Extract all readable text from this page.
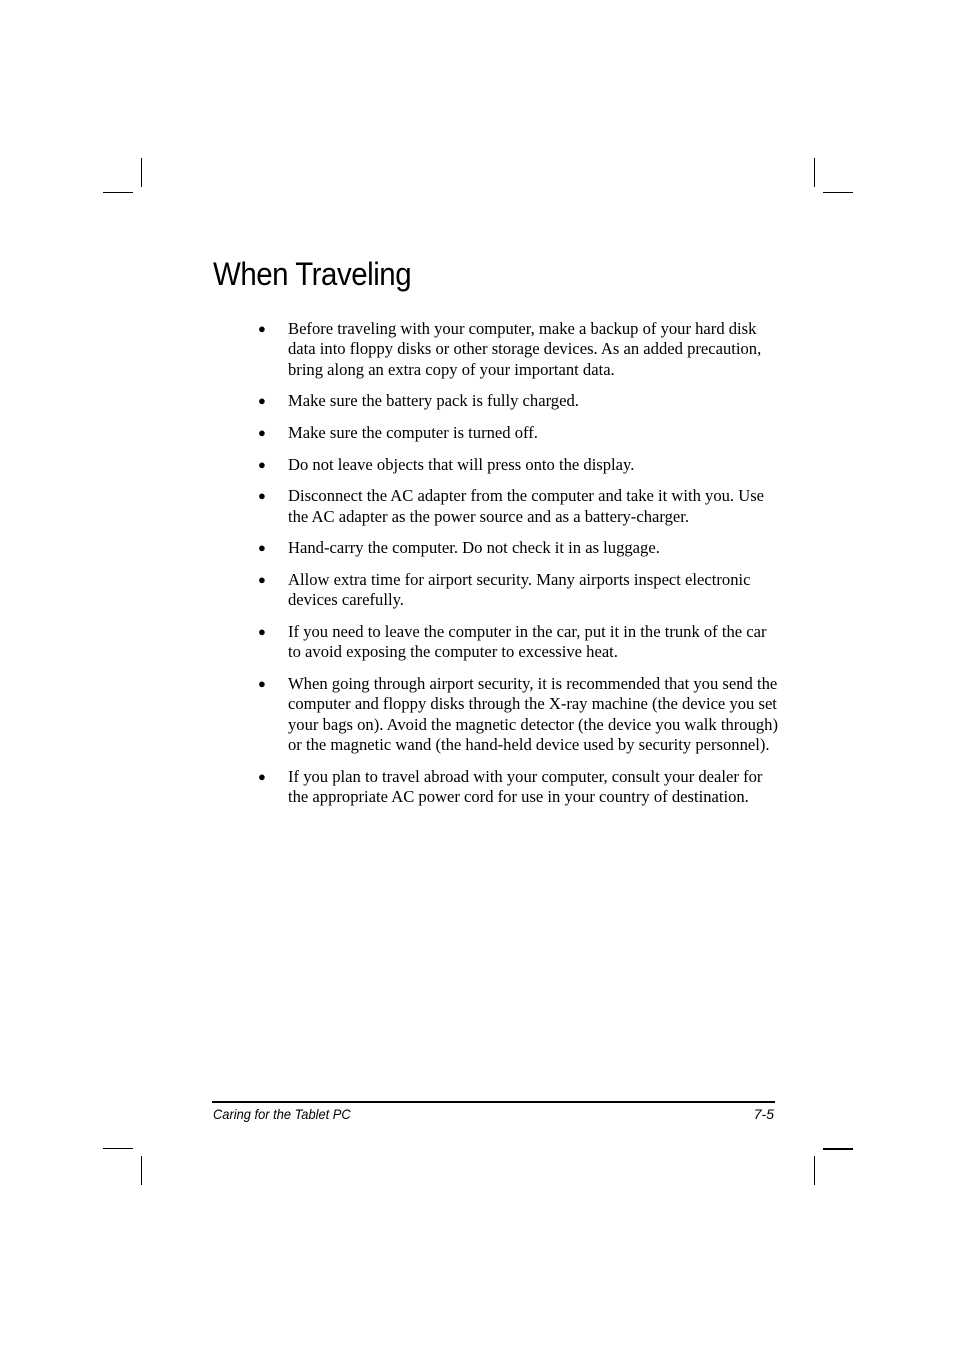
When Traveling
● Before traveling with your computer, make a backup of your hard disk data into floppy disks or other storage devices. As an added precaution, bring along an extra copy of your important data.
● Make sure the battery pack is fully charged.
● Make sure the computer is turned off.
● Do not leave objects that will press onto the display.
● Disconnect the AC adapter from the computer and take it with you. Use the AC adapter as the power source and as a battery-charger.
● Hand-carry the computer. Do not check it in as luggage.
● Allow extra time for airport security. Many airports inspect electronic devices carefully.
● If you need to leave the computer in the car, put it in the trunk of the car to avoid exposing the computer to excessive heat.
● When going through airport security, it is recommended that you send the computer and floppy disks through the X-ray machine (the device you set your bags on). Avoid the magnetic detector (the device you walk through) or the magnetic wand (the hand-held device used by security personnel).
● If you plan to travel abroad with your computer, consult your dealer for the appropriate AC power cord for use in your country of destination.
Caring for the Tablet PC	7-5
